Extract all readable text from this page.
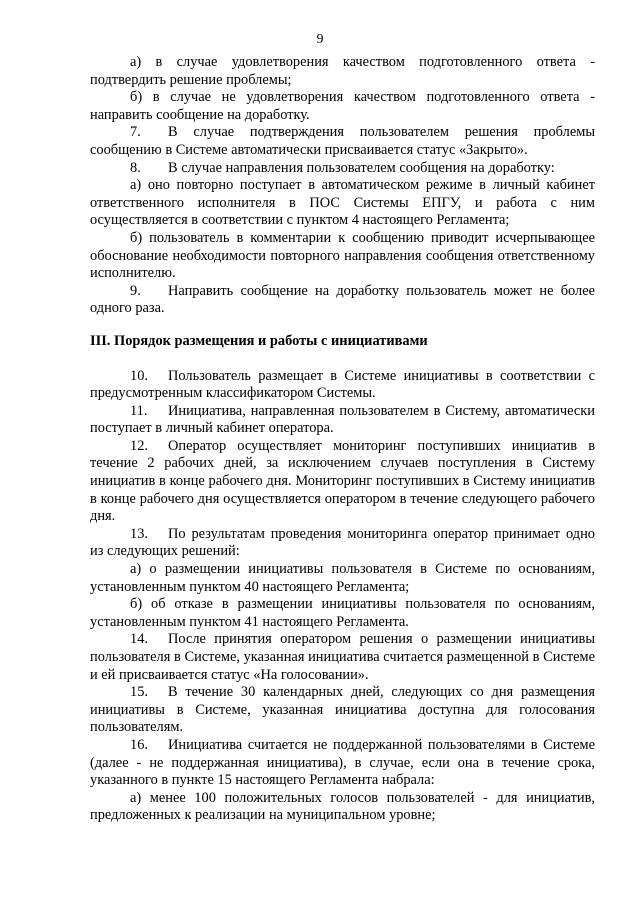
9

а) в случае удовлетворения качеством подготовленного ответа - подтвердить решение проблемы;

б) в случае не удовлетворения качеством подготовленного ответа - направить сообщение на доработку.

7. В случае подтверждения пользователем решения проблемы сообщению в Системе автоматически присваивается статус «Закрыто».

8. В случае направления пользователем сообщения на доработку:

а) оно повторно поступает в автоматическом режиме в личный кабинет ответственного исполнителя в ПОС Системы ЕПГУ, и работа с ним осуществляется в соответствии с пунктом 4 настоящего Регламента;

б) пользователь в комментарии к сообщению приводит исчерпывающее обоснование необходимости повторного направления сообщения ответственному исполнителю.

9. Направить сообщение на доработку пользователь может не более одного раза.

III. Порядок размещения и работы с инициативами

10. Пользователь размещает в Системе инициативы в соответствии с предусмотренным классификатором Системы.

11. Инициатива, направленная пользователем в Систему, автоматически поступает в личный кабинет оператора.

12. Оператор осуществляет мониторинг поступивших инициатив в течение 2 рабочих дней, за исключением случаев поступления в Систему инициатив в конце рабочего дня. Мониторинг поступивших в Систему инициатив в конце рабочего дня осуществляется оператором в течение следующего рабочего дня.

13. По результатам проведения мониторинга оператор принимает одно из следующих решений:

а) о размещении инициативы пользователя в Системе по основаниям, установленным пунктом 40 настоящего Регламента;

б) об отказе в размещении инициативы пользователя по основаниям, установленным пунктом 41 настоящего Регламента.

14. После принятия оператором решения о размещении инициативы пользователя в Системе, указанная инициатива считается размещенной в Системе и ей присваивается статус «На голосовании».

15. В течение 30 календарных дней, следующих со дня размещения инициативы в Системе, указанная инициатива доступна для голосования пользователям.

16. Инициатива считается не поддержанной пользователями в Системе (далее - не поддержанная инициатива), в случае, если она в течение срока, указанного в пункте 15 настоящего Регламента набрала:

а) менее 100 положительных голосов пользователей - для инициатив, предложенных к реализации на муниципальном уровне;
